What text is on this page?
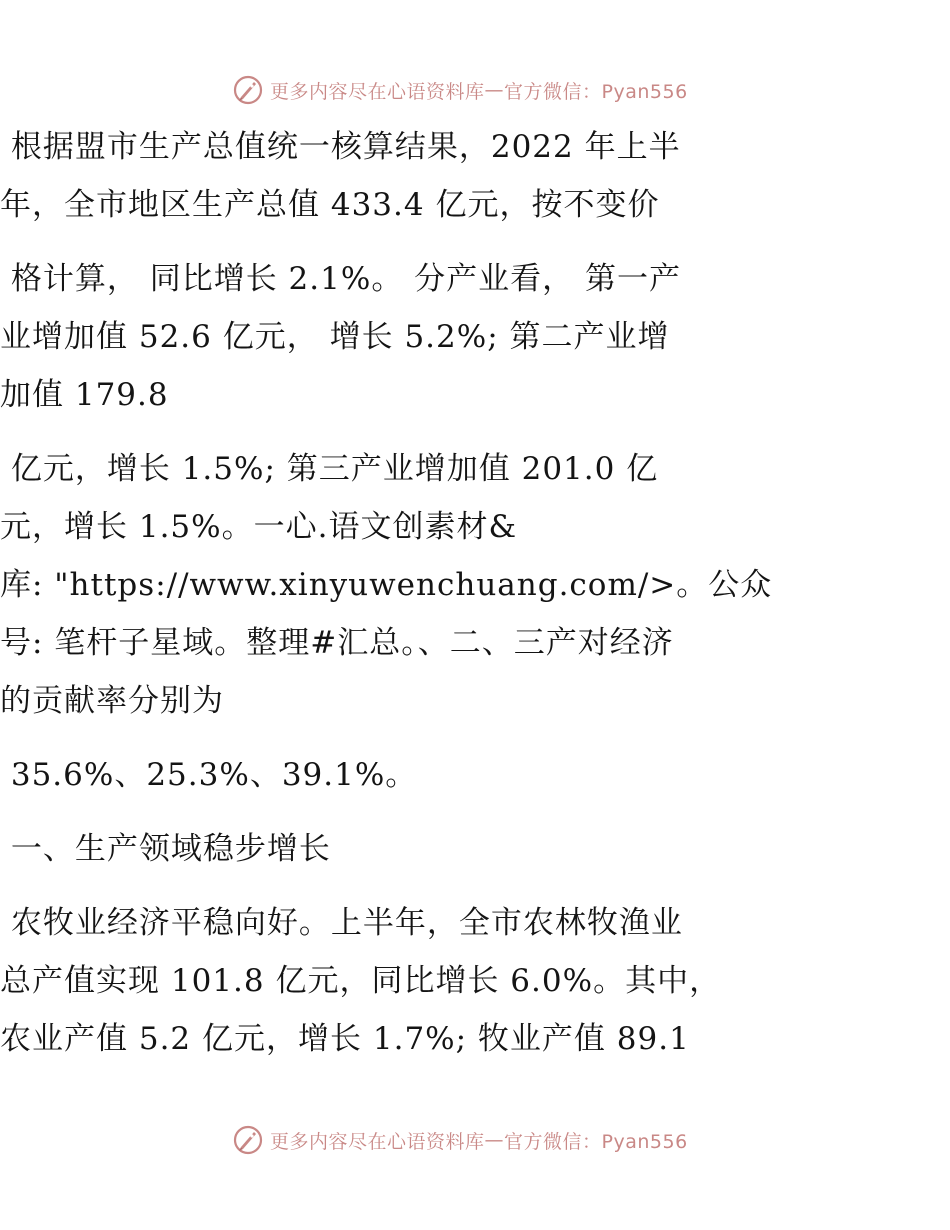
更多内容尽在心语资料库 — 官方微信：Pyan556
根据盟市生产总值统一核算结果，2022 年上半
年，全市地区生产总值 433.4 亿元，按不变价
格计算， 同比增长 2.1%。 分产业看， 第一产
业增加值 52.6 亿元， 增长 5.2%; 第二产业增
加值 179.8
亿元，增长 1.5%; 第三产业增加值 201.0 亿
元，增长 1.5%。一心.语文创素材&
库: "https://www.xinyuwenchuang.com/>。公众
号: 笔杆子星域。整理#汇总。、二、三产对经济
的贡献率分别为
35.6%、25.3%、39.1%。
一、生产领域稳步增长
农牧业经济平稳向好。上半年，全市农林牧渔业
总产值实现 101.8 亿元，同比增长 6.0%。其中，
农业产值 5.2 亿元，增长 1.7%; 牧业产值 89.1
更多内容尽在心语资料库 — 官方微信：Pyan556
